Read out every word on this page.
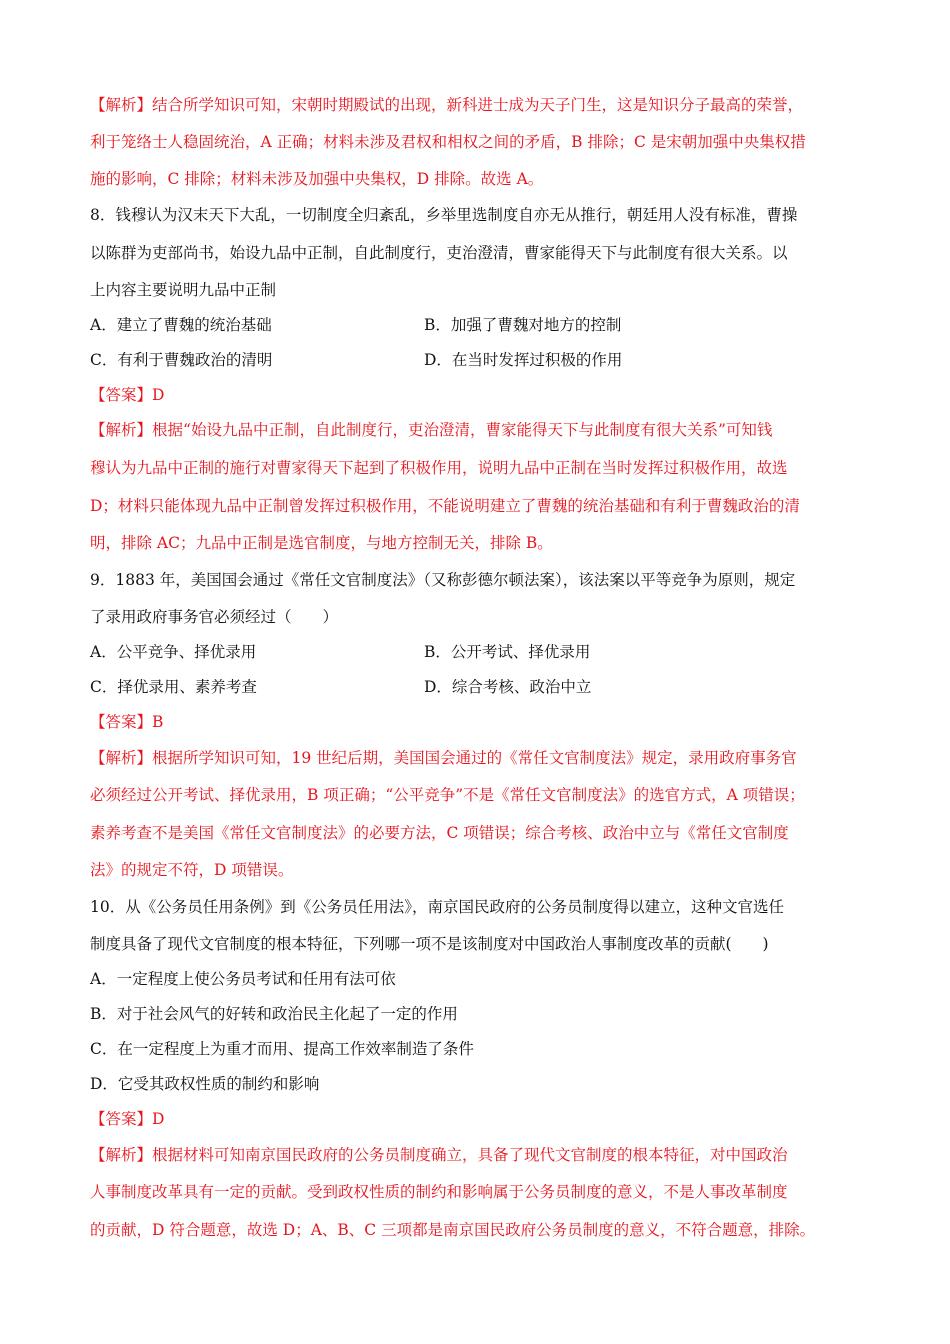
【解析】结合所学知识可知，宋朝时期殿试的出现，新科进士成为天子门生，这是知识分子最高的荣誉，
利于笼络士人稳固统治，A 正确；材料未涉及君权和相权之间的矛盾，B 排除；C 是宋朝加强中央集权措
施的影响，C 排除；材料未涉及加强中央集权，D 排除。故选 A。
8．钱穆认为汉末天下大乱，一切制度全归紊乱，乡举里选制度自亦无从推行，朝廷用人没有标准，曹操
以陈群为吏部尚书，始设九品中正制，自此制度行，吏治澄清，曹家能得天下与此制度有很大关系。以
上内容主要说明九品中正制
A．建立了曹魏的统治基础	B．加强了曹魏对地方的控制
C．有利于曹魏政治的清明	D．在当时发挥过积极的作用
【答案】D
【解析】根据“始设九品中正制，自此制度行，吏治澄清，曹家能得天下与此制度有很大关系”可知钱
穆认为九品中正制的施行对曹家得天下起到了积极作用，说明九品中正制在当时发挥过积极作用，故选
D；材料只能体现九品中正制曾发挥过积极作用，不能说明建立了曹魏的统治基础和有利于曹魏政治的清
明，排除 AC；九品中正制是选官制度，与地方控制无关，排除 B。
9．1883 年，美国国会通过《常任文官制度法》（又称彭德尔顿法案），该法案以平等竞争为原则，规定
了录用政府事务官必须经过（　　）
A．公平竞争、择优录用	B．公开考试、择优录用
C．择优录用、素养考查	D．综合考核、政治中立
【答案】B
【解析】根据所学知识可知，19 世纪后期，美国国会通过的《常任文官制度法》规定，录用政府事务官
必须经过公开考试、择优录用，B 项正确；“公平竞争”不是《常任文官制度法》的选官方式，A 项错误；
素养考查不是美国《常任文官制度法》的必要方法，C 项错误；综合考核、政治中立与《常任文官制度
法》的规定不符，D 项错误。
10．从《公务员任用条例》到《公务员任用法》，南京国民政府的公务员制度得以建立，这种文官选任
制度具备了现代文官制度的根本特征，下列哪一项不是该制度对中国政治人事制度改革的贡献(　　)
A．一定程度上使公务员考试和任用有法可依
B．对于社会风气的好转和政治民主化起了一定的作用
C．在一定程度上为重才而用、提高工作效率制造了条件
D．它受其政权性质的制约和影响
【答案】D
【解析】根据材料可知南京国民政府的公务员制度确立，具备了现代文官制度的根本特征，对中国政治
人事制度改革具有一定的贡献。受到政权性质的制约和影响属于公务员制度的意义，不是人事改革制度
的贡献，D 符合题意，故选 D；A、B、C 三项都是南京国民政府公务员制度的意义，不符合题意，排除。
